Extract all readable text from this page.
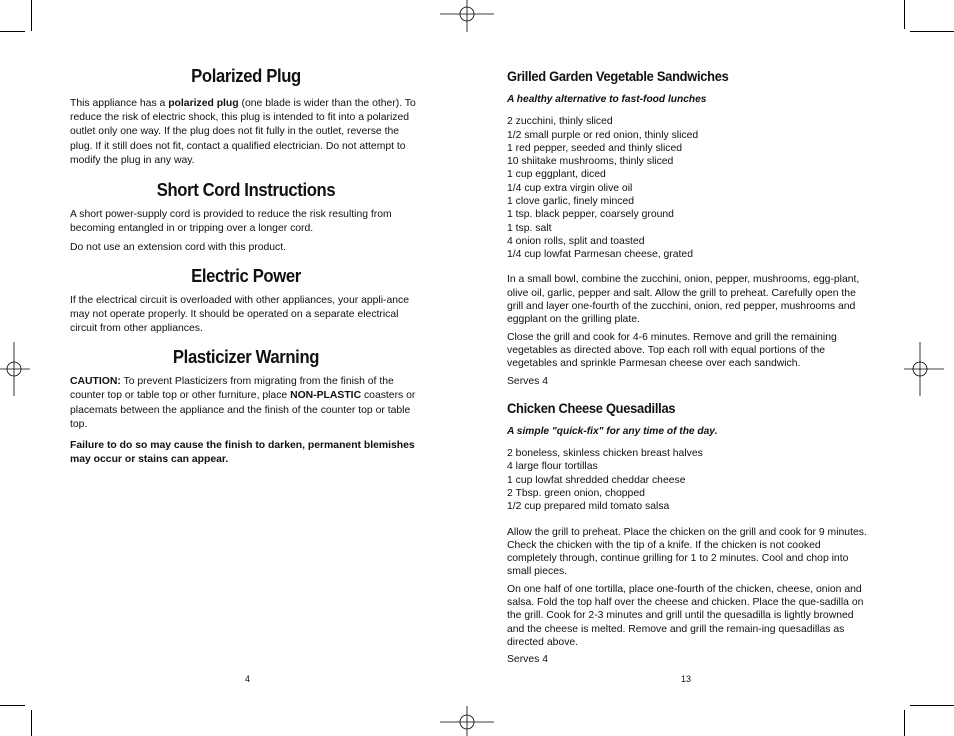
Polarized Plug

This appliance has a polarized plug (one blade is wider than the other). To reduce the risk of electric shock, this plug is intended to fit into a polarized outlet only one way. If the plug does not fit fully in the outlet, reverse the plug. If it still does not fit, contact a qualified electrician. Do not attempt to modify the plug in any way.

Short Cord Instructions

A short power-supply cord is provided to reduce the risk resulting from becoming entangled in or tripping over a longer cord.

Do not use an extension cord with this product.

Electric Power

If the electrical circuit is overloaded with other appliances, your appli-ance may not operate properly. It should be operated on a separate electrical circuit from other appliances.

Plasticizer Warning

CAUTION: To prevent Plasticizers from migrating from the finish of the counter top or table top or other furniture, place NON-PLASTIC coasters or placemats between the appliance and the finish of the counter top or table top.

Failure to do so may cause the finish to darken, permanent blemishes may occur or stains can appear.

4
Grilled Garden Vegetable Sandwiches

A healthy alternative to fast-food lunches

2 zucchini, thinly sliced
1/2 small purple or red onion, thinly sliced
1 red pepper, seeded and thinly sliced
10 shiitake mushrooms, thinly sliced
1 cup eggplant, diced
1/4 cup extra virgin olive oil
1 clove garlic, finely minced
1 tsp. black pepper, coarsely ground
1 tsp. salt
4 onion rolls, split and toasted
1/4 cup lowfat Parmesan cheese, grated

In a small bowl, combine the zucchini, onion, pepper, mushrooms, egg-plant, olive oil, garlic, pepper and salt. Allow the grill to preheat. Carefully open the grill and layer one-fourth of the zucchini, onion, red pepper, mushrooms and eggplant on the grilling plate.

Close the grill and cook for 4-6 minutes. Remove and grill the remaining vegetables as directed above. Top each roll with equal portions of the vegetables and sprinkle Parmesan cheese over each sandwich.

Serves 4

Chicken Cheese Quesadillas

A simple "quick-fix" for any time of the day.

2 boneless, skinless chicken breast halves
4 large flour tortillas
1 cup lowfat shredded cheddar cheese
2 Tbsp. green onion, chopped
1/2 cup prepared mild tomato salsa

Allow the grill to preheat. Place the chicken on the grill and cook for 9 minutes. Check the chicken with the tip of a knife. If the chicken is not cooked completely through, continue grilling for 1 to 2 minutes. Cool and chop into small pieces.

On one half of one tortilla, place one-fourth of the chicken, cheese, onion and salsa. Fold the top half over the cheese and chicken. Place the que-sadilla on the grill. Cook for 2-3 minutes and grill until the quesadilla is lightly browned and the cheese is melted. Remove and grill the remain-ing quesadillas as directed above.

Serves 4

13
